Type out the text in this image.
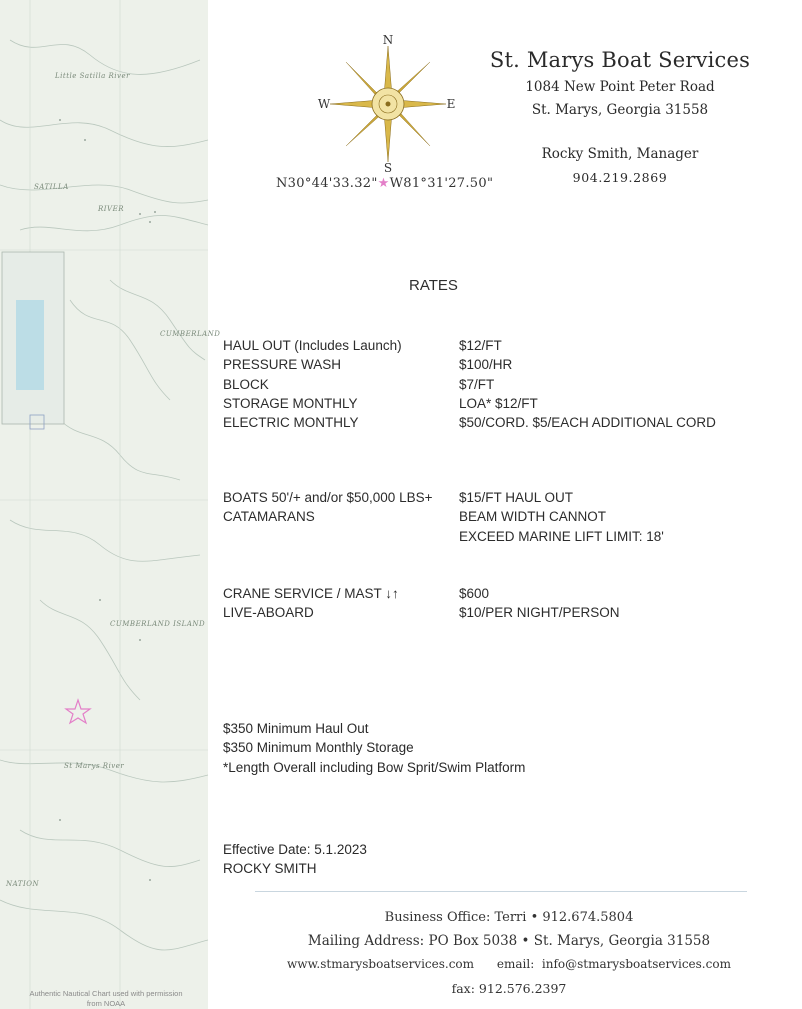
Little Satilla River
SATILLA
RIVER
CUMBERLAND
St Marys River
CUMBERLAND ISLAND
NATION
Authentic Nautical Chart used with permission from NOAA
N
S
W	E
N30°44'33.32"★W81°31'27.50"
St. Marys Boat Services
1084 New Point Peter Road
St. Marys, Georgia 31558
Rocky Smith, Manager
904.219.2869
RATES
HAUL OUT (Includes Launch)	$12/FT
PRESSURE WASH	$100/HR
BLOCK	$7/FT
STORAGE MONTHLY	LOA* $12/FT
ELECTRIC MONTHLY	$50/CORD. $5/EACH ADDITIONAL CORD
BOATS 50'/+ and/or $50,000 LBS+	$15/FT HAUL OUT
CATAMARANS	BEAM WIDTH CANNOT
EXCEED MARINE LIFT LIMIT: 18'
CRANE SERVICE / MAST ↓↑	$600
LIVE-ABOARD	$10/PER NIGHT/PERSON
$350 Minimum Haul Out
$350 Minimum Monthly Storage
*Length Overall including Bow Sprit/Swim Platform
Effective Date: 5.1.2023
ROCKY SMITH
Business Office: Terri • 912.674.5804
Mailing Address: PO Box 5038 • St. Marys, Georgia 31558
www.stmarysboatservices.com      email:  info@stmarysboatservices.com
fax: 912.576.2397
